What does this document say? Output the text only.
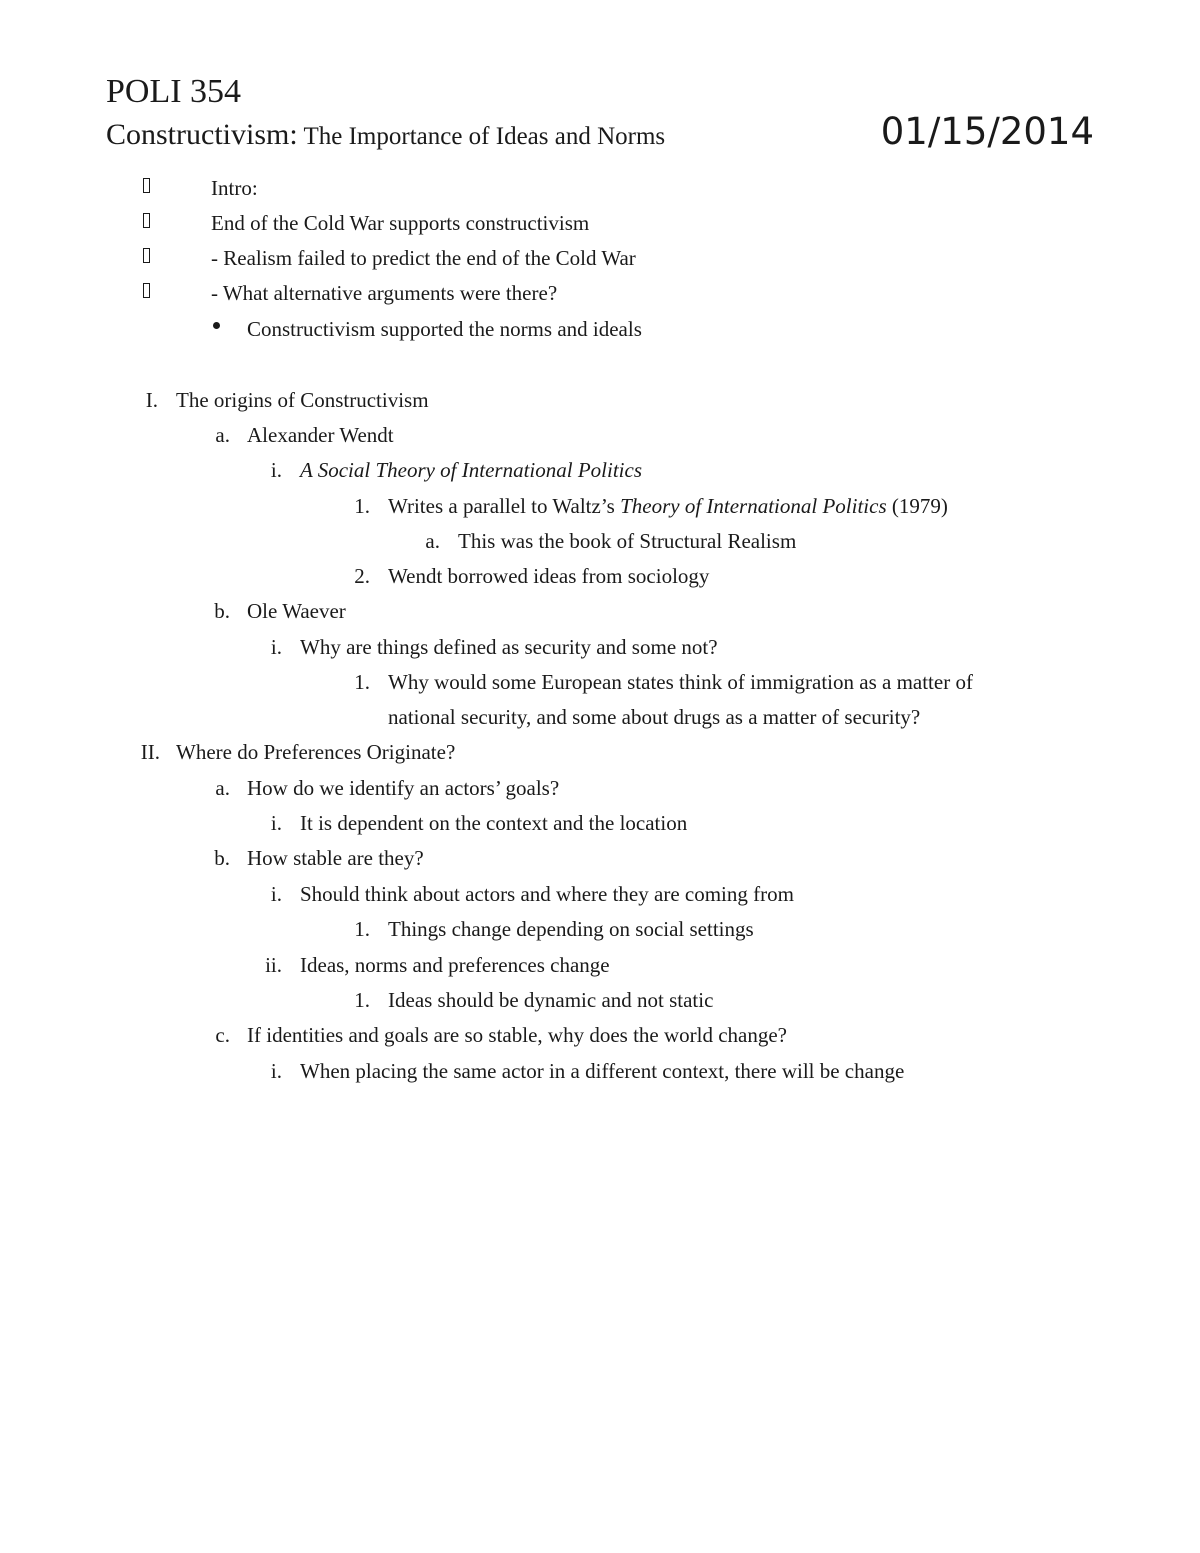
POLI 354
Constructivism: The Importance of Ideas and Norms	01/15/2014
Intro:
End of the Cold War supports constructivism
- Realism failed to predict the end of the Cold War
- What alternative arguments were there?
Constructivism supported the norms and ideals
I. The origins of Constructivism
a. Alexander Wendt
i. A Social Theory of International Politics
1. Writes a parallel to Waltz’s Theory of International Politics (1979)
a. This was the book of Structural Realism
2. Wendt borrowed ideas from sociology
b. Ole Waever
i. Why are things defined as security and some not?
1. Why would some European states think of immigration as a matter of
national security, and some about drugs as a matter of security?
II. Where do Preferences Originate?
a. How do we identify an actors’ goals?
i. It is dependent on the context and the location
b. How stable are they?
i. Should think about actors and where they are coming from
1. Things change depending on social settings
ii. Ideas, norms and preferences change
1. Ideas should be dynamic and not static
c. If identities and goals are so stable, why does the world change?
i. When placing the same actor in a different context, there will be change
